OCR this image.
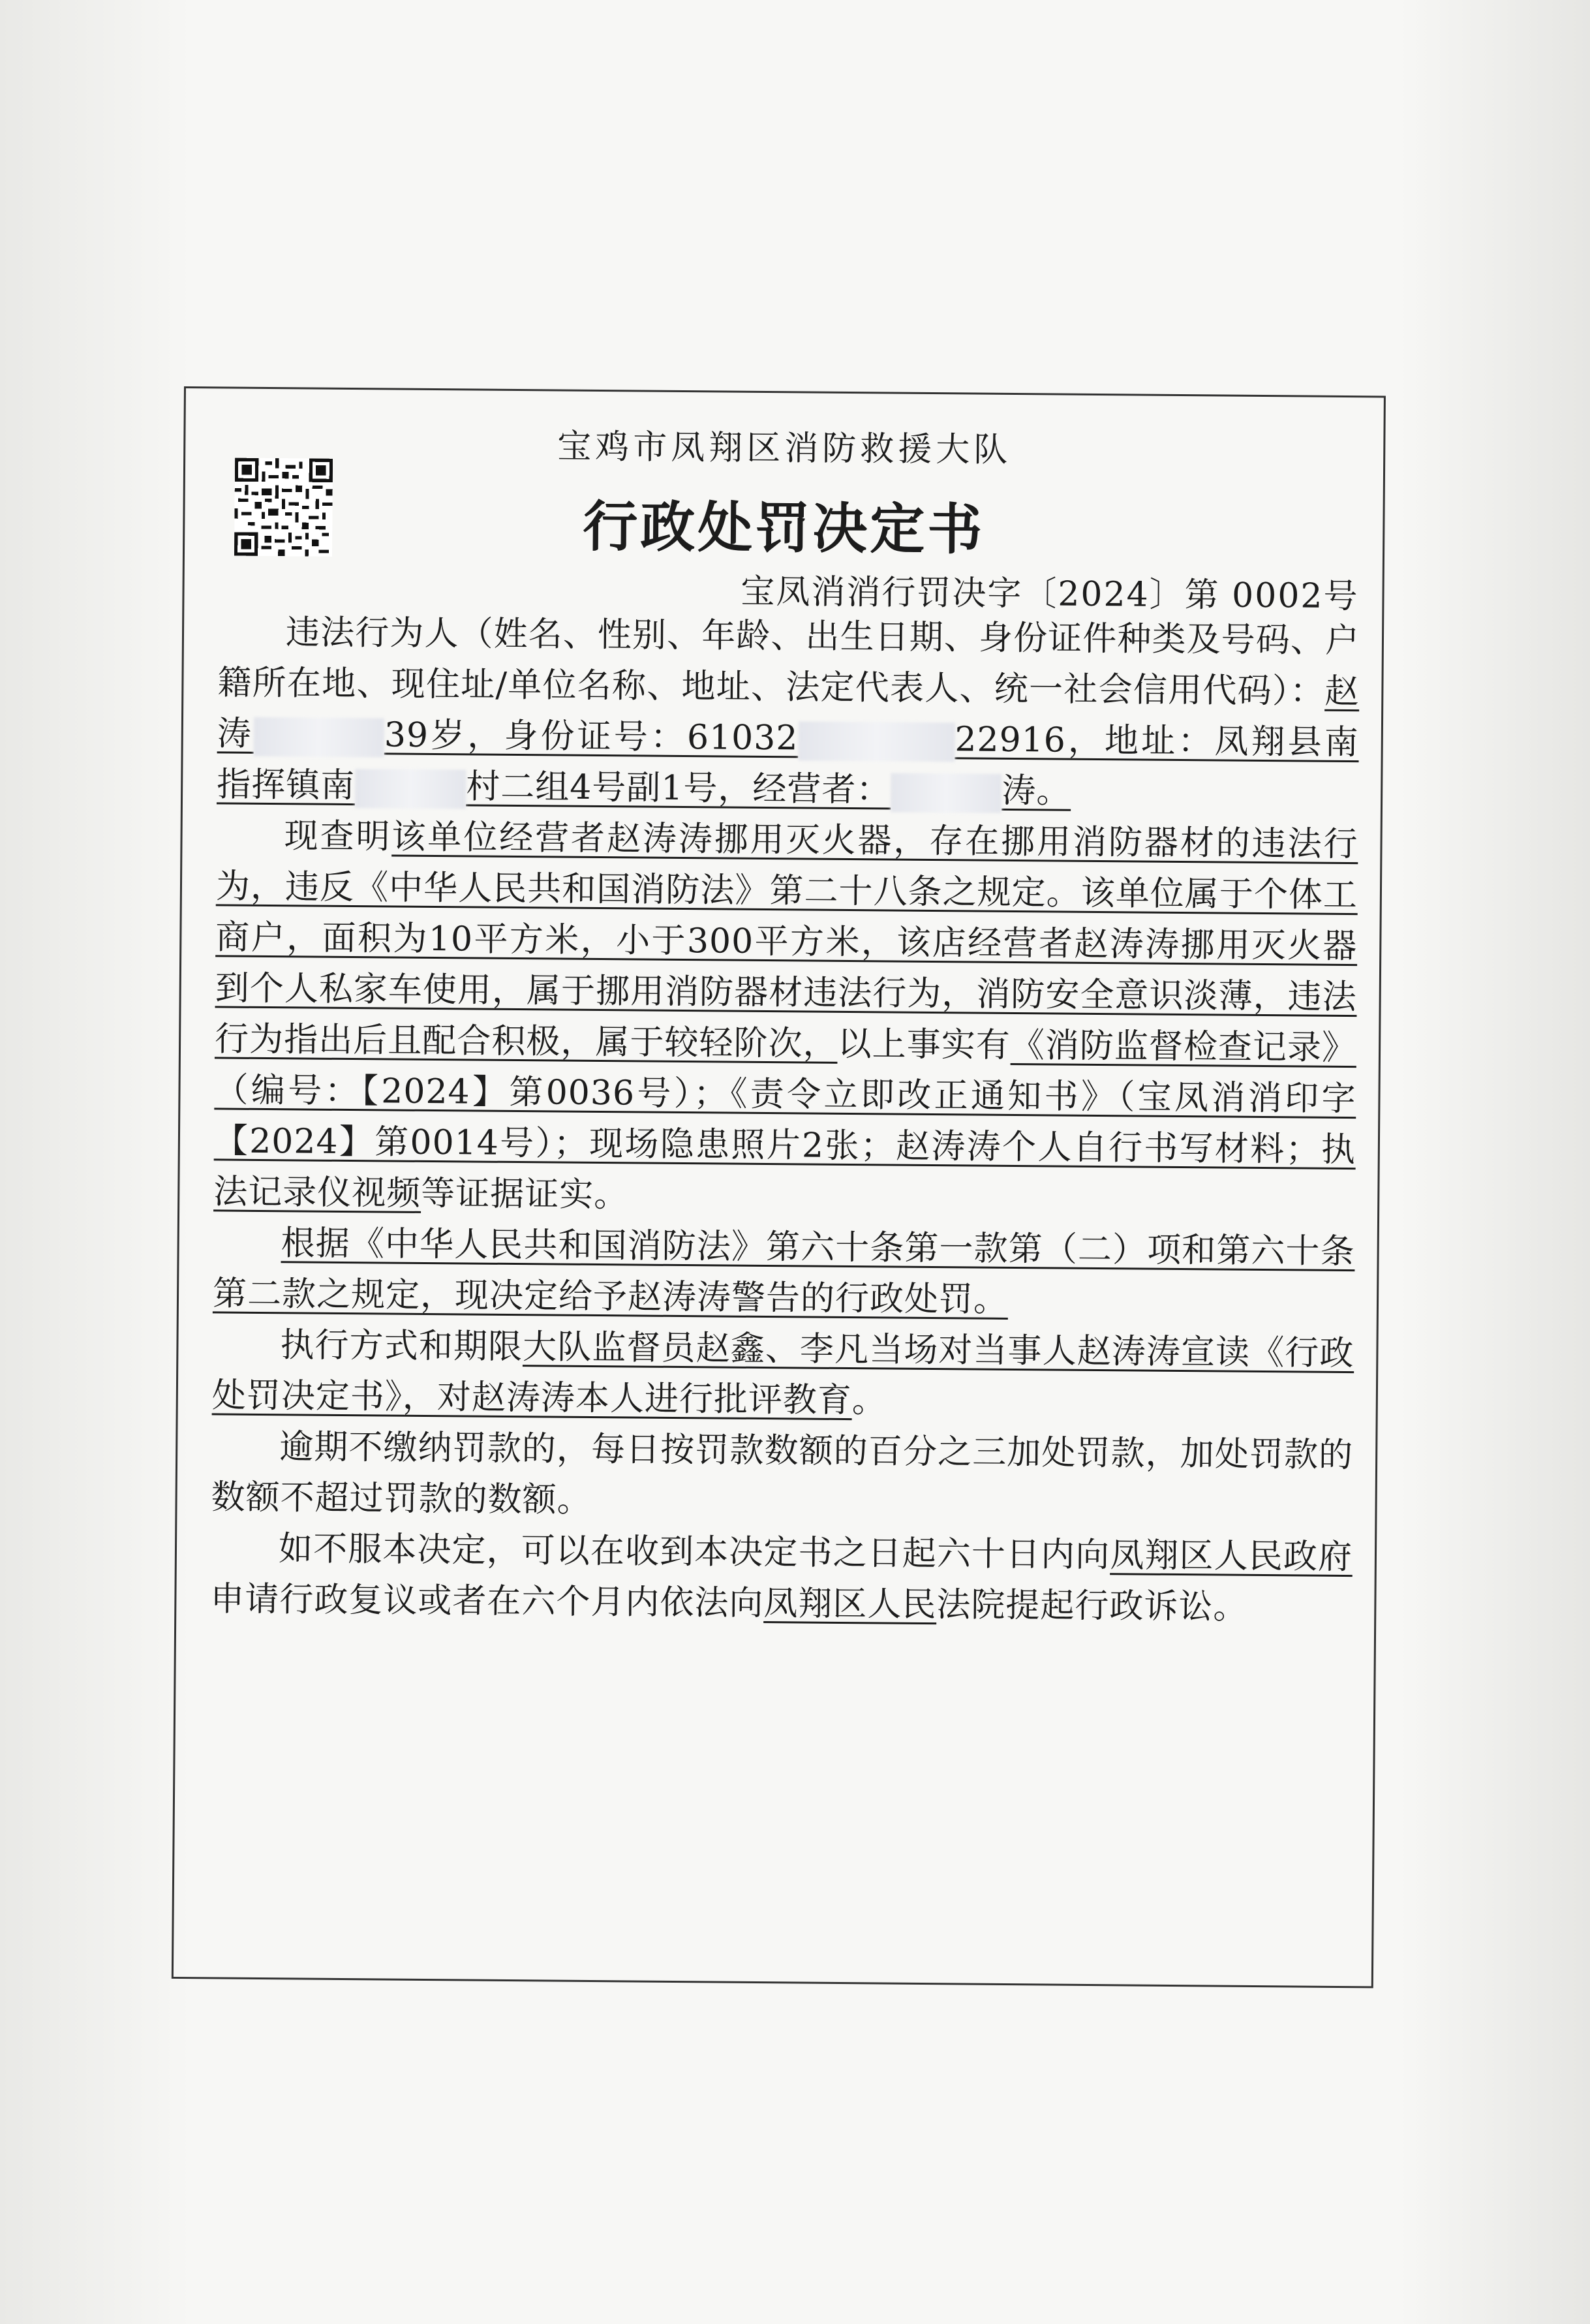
宝鸡市凤翔区消防救援大队
行政处罚决定书
宝凤消消行罚决字〔2024〕第 0002号

违法行为人（姓名、性别、年龄、出生日期、身份证件种类及号码、户籍所在地、现住址/单位名称、地址、法定代表人、统一社会信用代码）：赵涛	39岁，身份证号：61032	22916，地址：凤翔县南指挥镇南	村二组4号副1号，经营者：	涛。

现查明该单位经营者赵涛涛挪用灭火器，存在挪用消防器材的违法行为，违反《中华人民共和国消防法》第二十八条之规定。该单位属于个体工商户，面积为10平方米，小于300平方米，该店经营者赵涛涛挪用灭火器到个人私家车使用，属于挪用消防器材违法行为，消防安全意识淡薄，违法行为指出后且配合积极，属于较轻阶次，以上事实有《消防监督检查记录》（编号：【2024】第0036号）；《责令立即改正通知书》（宝凤消消印字【2024】第0014号）；现场隐患照片2张；赵涛涛个人自行书写材料；执法记录仪视频等证据证实。

根据《中华人民共和国消防法》第六十条第一款第（二）项和第六十条第二款之规定，现决定给予赵涛涛警告的行政处罚。

执行方式和期限大队监督员赵鑫、李凡当场对当事人赵涛涛宣读《行政处罚决定书》，对赵涛涛本人进行批评教育。

逾期不缴纳罚款的，每日按罚款数额的百分之三加处罚款，加处罚款的数额不超过罚款的数额。

如不服本决定，可以在收到本决定书之日起六十日内向凤翔区人民政府申请行政复议或者在六个月内依法向凤翔区人民法院提起行政诉讼。
